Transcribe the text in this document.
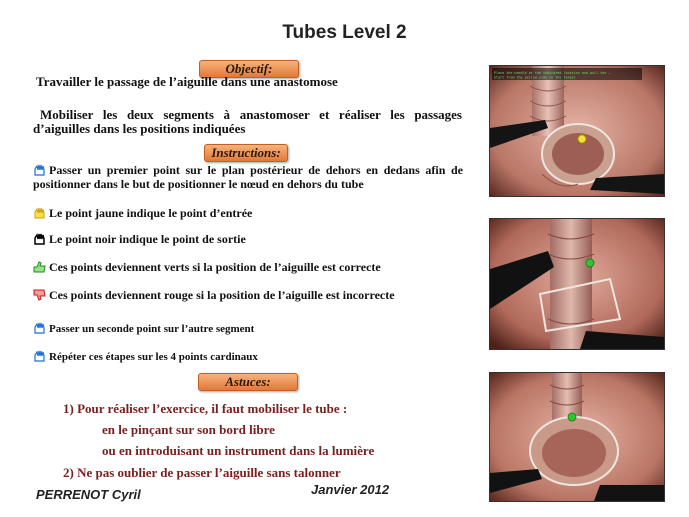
Tubes Level 2
Objectif:
Travailler le passage de l’aiguille dans une anastomose
Mobiliser les deux segments à anastomoser et réaliser les passages
d’aiguilles dans les positions indiquées
Instructions:
Passer un premier point sur le plan postérieur de dehors en dedans afin de
positionner dans le but de positionner le nœud en dehors du tube
Le point jaune indique le point d’entrée
Le point noir indique le point de sortie
Ces points deviennent verts si la position de l’aiguille est correcte
Ces points deviennent rouge si la position de l’aiguille est incorrecte
Passer un seconde point sur l’autre segment
Répéter ces étapes sur les 4 points cardinaux
Astuces:
1) Pour réaliser l’exercice, il faut mobiliser le tube :
en le pinçant sur son bord libre
ou en introduisant un instrument dans la lumière
2) Ne pas oublier de passer l’aiguille sans talonner
PERRENOT Cyril	Janvier 2012
Place the needle at the indicated location and pull the …
Start from the yellow side to the target
